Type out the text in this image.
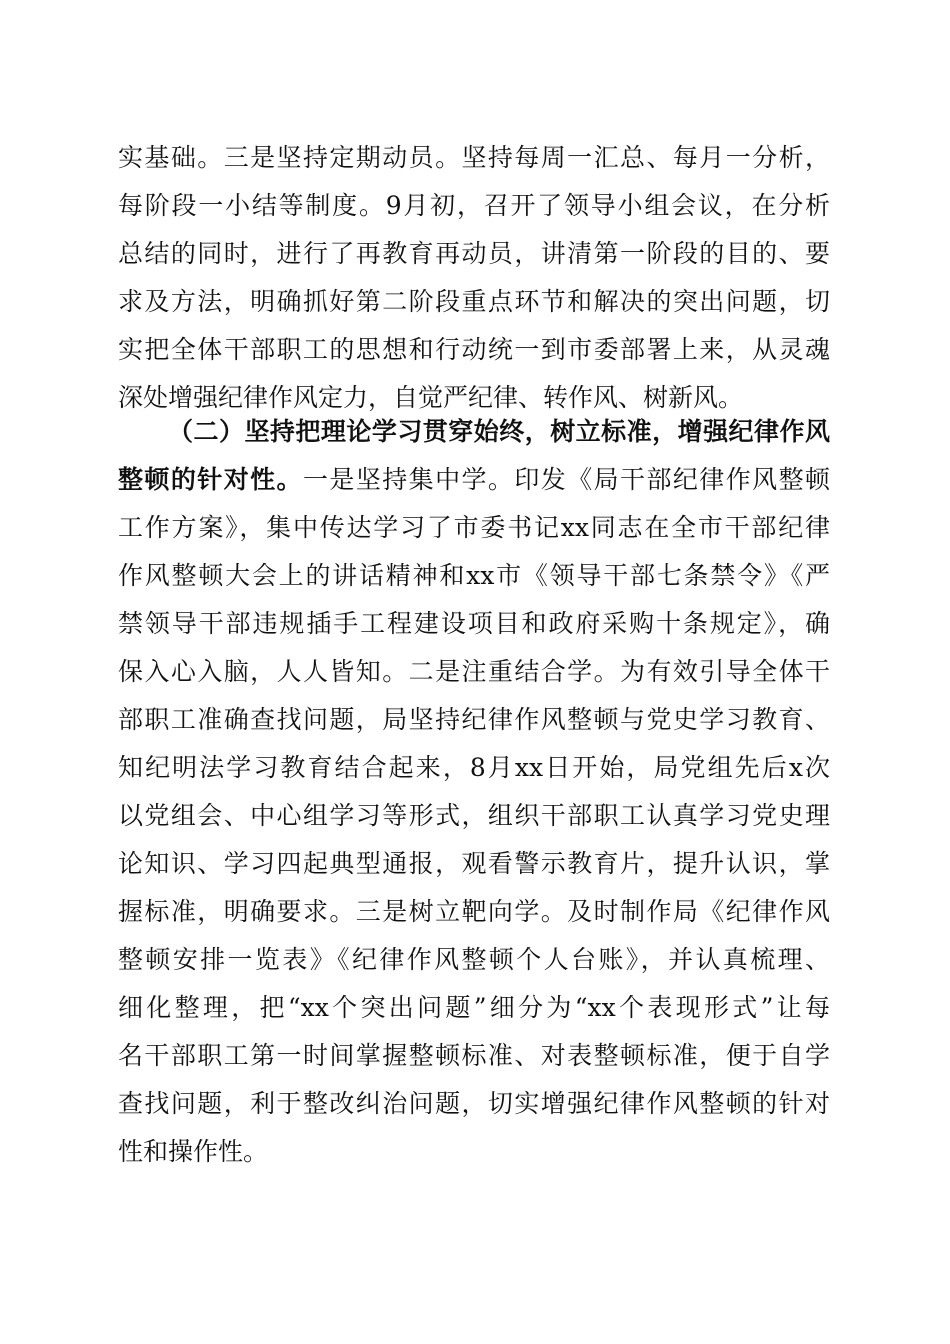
实基础。三是坚持定期动员。坚持每周一汇总、每月一分析，
每阶段一小结等制度。9月初，召开了领导小组会议，在分析
总结的同时，进行了再教育再动员，讲清第一阶段的目的、要
求及方法，明确抓好第二阶段重点环节和解决的突出问题，切
实把全体干部职工的思想和行动统一到市委部署上来，从灵魂
深处增强纪律作风定力，自觉严纪律、转作风、树新风。
（二）坚持把理论学习贯穿始终，树立标准，增强纪律作风
整顿的针对性。一是坚持集中学。印发《局干部纪律作风整顿
工作方案》，集中传达学习了市委书记xx同志在全市干部纪律
作风整顿大会上的讲话精神和xx市《领导干部七条禁令》《严
禁领导干部违规插手工程建设项目和政府采购十条规定》，确
保入心入脑，人人皆知。二是注重结合学。为有效引导全体干
部职工准确查找问题，局坚持纪律作风整顿与党史学习教育、
知纪明法学习教育结合起来，8月xx日开始，局党组先后x次
以党组会、中心组学习等形式，组织干部职工认真学习党史理
论知识、学习四起典型通报，观看警示教育片，提升认识，掌
握标准，明确要求。三是树立靶向学。及时制作局《纪律作风
整顿安排一览表》《纪律作风整顿个人台账》，并认真梳理、
细化整理，把“xx个突出问题”细分为“xx个表现形式”让每
名干部职工第一时间掌握整顿标准、对表整顿标准，便于自学
查找问题，利于整改纠治问题，切实增强纪律作风整顿的针对
性和操作性。
